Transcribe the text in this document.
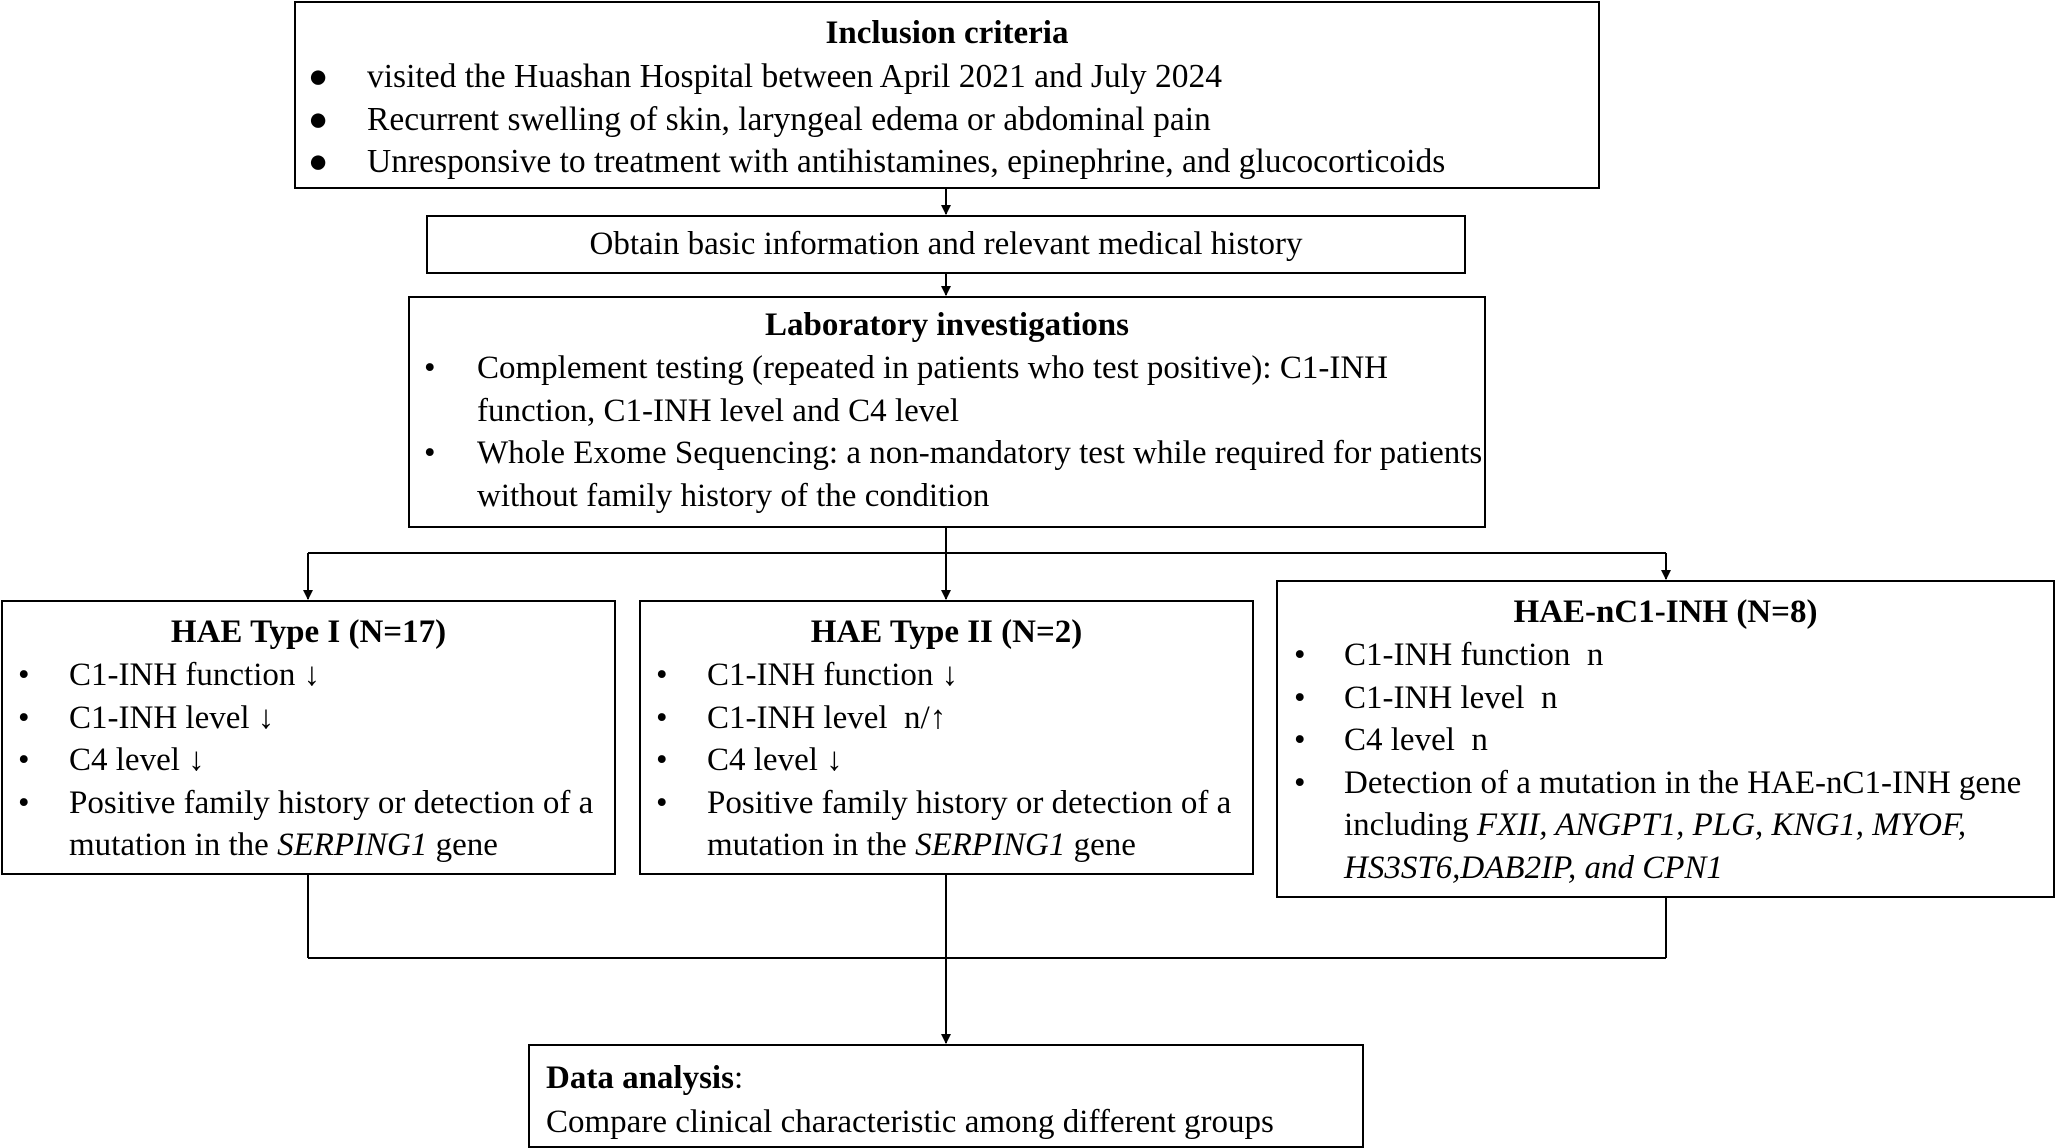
Inclusion criteria
● visited the Huashan Hospital between April 2021 and July 2024
● Recurrent swelling of skin, laryngeal edema or abdominal pain
● Unresponsive to treatment with antihistamines, epinephrine, and glucocorticoids
Obtain basic information and relevant medical history
Laboratory investigations
• Complement testing (repeated in patients who test positive): C1-INH function, C1-INH level and C4 level
• Whole Exome Sequencing: a non-mandatory test while required for patients without family history of the condition
HAE Type I (N=17)
• C1-INH function ↓
• C1-INH level ↓
• C4 level ↓
• Positive family history or detection of a mutation in the SERPING1 gene
HAE Type II (N=2)
• C1-INH function ↓
• C1-INH level  n/↑
• C4 level ↓
• Positive family history or detection of a mutation in the SERPING1 gene
HAE-nC1-INH (N=8)
• C1-INH function  n
• C1-INH level  n
• C4 level  n
• Detection of a mutation in the HAE-nC1-INH gene including FXII, ANGPT1, PLG, KNG1, MYOF, HS3ST6,DAB2IP, and CPN1
Data analysis:
Compare clinical characteristic among different groups
